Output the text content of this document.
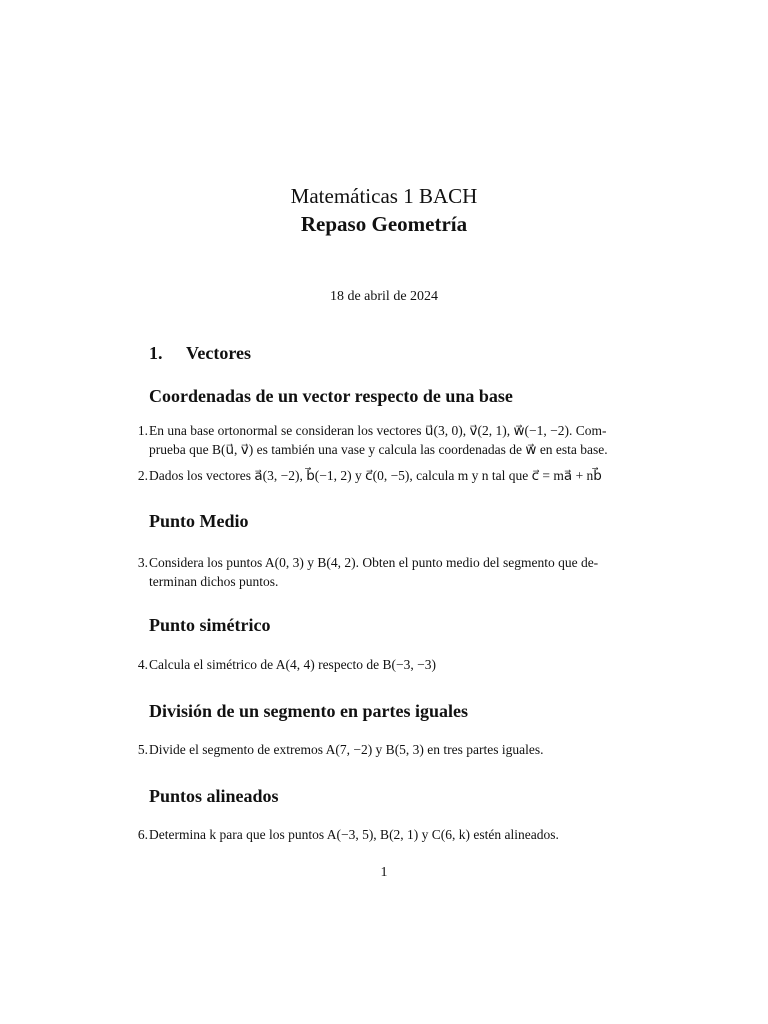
Matemáticas 1 BACH
Repaso Geometría
18 de abril de 2024
1. Vectores
Coordenadas de un vector respecto de una base
1. En una base ortonormal se consideran los vectores u⃗(3, 0), v⃗(2, 1), w⃗(−1, −2). Com-
prueba que B(u⃗, v⃗) es también una vase y calcula las coordenadas de w⃗ en esta base.
2. Dados los vectores a⃗(3, −2), b⃗(−1, 2) y c⃗(0, −5), calcula m y n tal que c⃗ = ma⃗ + nb⃗
Punto Medio
3. Considera los puntos A(0, 3) y B(4, 2). Obten el punto medio del segmento que de-
terminan dichos puntos.
Punto simétrico
4. Calcula el simétrico de A(4, 4) respecto de B(−3, −3)
División de un segmento en partes iguales
5. Divide el segmento de extremos A(7, −2) y B(5, 3) en tres partes iguales.
Puntos alineados
6. Determina k para que los puntos A(−3, 5), B(2, 1) y C(6, k) estén alineados.
1
